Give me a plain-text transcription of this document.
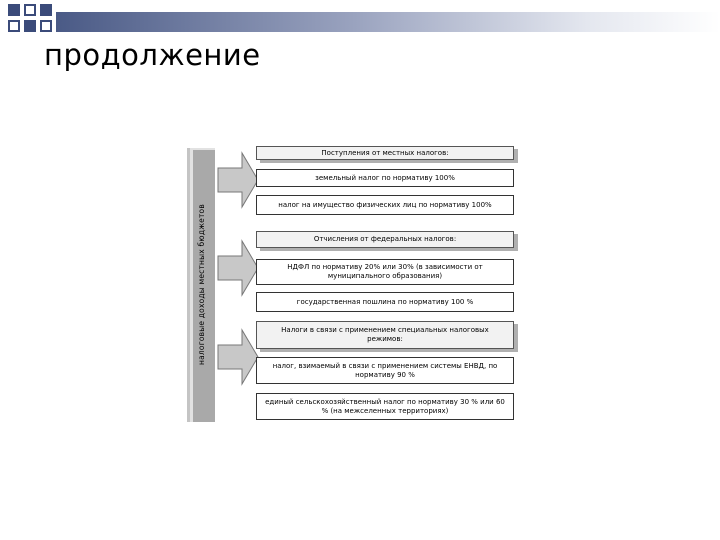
продолжение
налоговые доходы местных бюджетов
Поступления от местных налогов:
земельный налог по нормативу 100%
налог на имущество физических лиц по нормативу 100%
Отчисления от федеральных налогов:
НДФЛ по нормативу 20% или 30% (в зависимости от муниципального образования)
государственная пошлина по нормативу 100 %
Налоги в связи с применением специальных налоговых режимов:
налог, взимаемый в связи с применением системы ЕНВД, по нормативу 90 %
единый сельскохозяйственный налог по нормативу 30 % или 60 % (на межселенных территориях)
